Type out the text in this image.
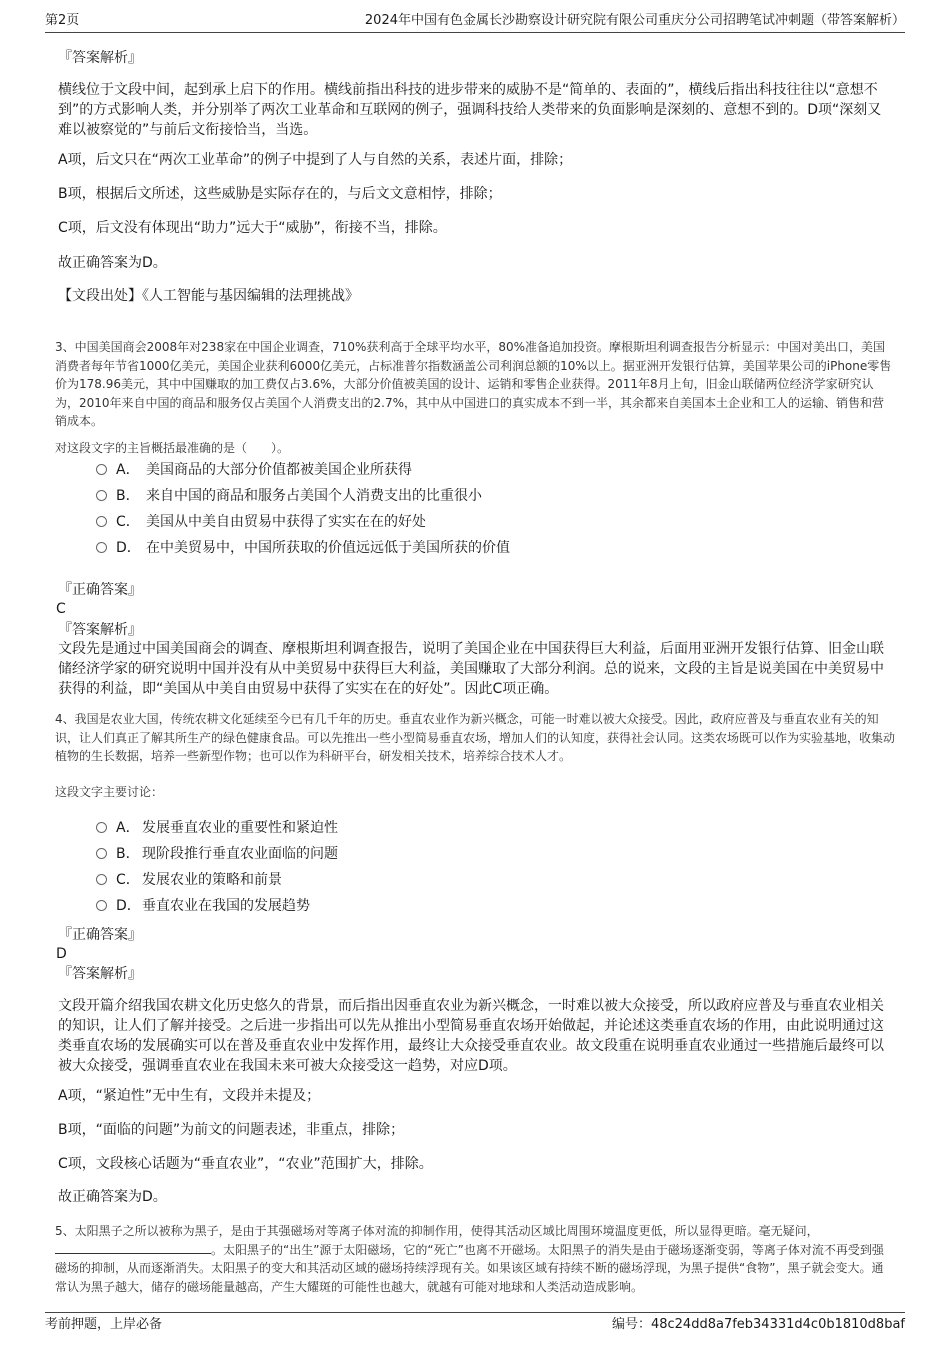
第2页	2024年中国有色金属长沙勘察设计研究院有限公司重庆分公司招聘笔试冲刺题（带答案解析）
『答案解析』
横线位于文段中间，起到承上启下的作用。横线前指出科技的进步带来的威胁不是“简单的、表面的”，横线后指出科技往往以“意想不到”的方式影响人类，并分别举了两次工业革命和互联网的例子，强调科技给人类带来的负面影响是深刻的、意想不到的。D项“深刻又难以被察觉的”与前后文衔接恰当，当选。
A项，后文只在“两次工业革命”的例子中提到了人与自然的关系，表述片面，排除；
B项，根据后文所述，这些威胁是实际存在的，与后文文意相悖，排除；
C项，后文没有体现出“助力”远大于“威胁”，衔接不当，排除。
故正确答案为D。
【文段出处】《人工智能与基因编辑的法理挑战》
3、中国美国商会2008年对238家在中国企业调查，710%获利高于全球平均水平，80%准备追加投资。摩根斯坦利调查报告分析显示：中国对美出口，美国消费者每年节省1000亿美元，美国企业获利6000亿美元，占标准普尔指数涵盖公司利润总额的10%以上。据亚洲开发银行估算，美国苹果公司的iPhone零售价为178.96美元，其中中国赚取的加工费仅占3.6%，大部分价值被美国的设计、运销和零售企业获得。2011年8月上旬，旧金山联储两位经济学家研究认为，2010年来自中国的商品和服务仅占美国个人消费支出的2.7%，其中从中国进口的真实成本不到一半，其余都来自美国本土企业和工人的运输、销售和营销成本。
对这段文字的主旨概括最准确的是（　　）。
A． 美国商品的大部分价值都被美国企业所获得
B． 来自中国的商品和服务占美国个人消费支出的比重很小
C． 美国从中美自由贸易中获得了实实在在的好处
D． 在中美贸易中，中国所获取的价值远远低于美国所获的价值
『正确答案』
C
『答案解析』
文段先是通过中国美国商会的调查、摩根斯坦利调查报告，说明了美国企业在中国获得巨大利益，后面用亚洲开发银行估算、旧金山联储经济学家的研究说明中国并没有从中美贸易中获得巨大利益，美国赚取了大部分利润。总的说来，文段的主旨是说美国在中美贸易中获得的利益，即“美国从中美自由贸易中获得了实实在在的好处”。因此C项正确。
4、我国是农业大国，传统农耕文化延续至今已有几千年的历史。垂直农业作为新兴概念，可能一时难以被大众接受。因此，政府应普及与垂直农业有关的知识，让人们真正了解其所生产的绿色健康食品。可以先推出一些小型简易垂直农场，增加人们的认知度，获得社会认同。这类农场既可以作为实验基地，收集动植物的生长数据，培养一些新型作物；也可以作为科研平台，研发相关技术，培养综合技术人才。
这段文字主要讨论：
A． 发展垂直农业的重要性和紧迫性
B． 现阶段推行垂直农业面临的问题
C． 发展农业的策略和前景
D．垂直农业在我国的发展趋势
『正确答案』
D
『答案解析』
文段开篇介绍我国农耕文化历史悠久的背景，而后指出因垂直农业为新兴概念，一时难以被大众接受，所以政府应普及与垂直农业相关的知识，让人们了解并接受。之后进一步指出可以先从推出小型简易垂直农场开始做起，并论述这类垂直农场的作用，由此说明通过这类垂直农场的发展确实可以在普及垂直农业中发挥作用，最终让大众接受垂直农业。故文段重在说明垂直农业通过一些措施后最终可以被大众接受，强调垂直农业在我国未来可被大众接受这一趋势，对应D项。
A项，“紧迫性”无中生有，文段并未提及；
B项，“面临的问题”为前文的问题表述，非重点，排除；
C项，文段核心话题为“垂直农业”，“农业”范围扩大，排除。
故正确答案为D。
5、太阳黑子之所以被称为黑子，是由于其强磁场对等离子体对流的抑制作用，使得其活动区域比周围环境温度更低，所以显得更暗。毫无疑问，。太阳黑子的“出生”源于太阳磁场，它的“死亡”也离不开磁场。太阳黑子的消失是由于磁场逐渐变弱，等离子体对流不再受到强磁场的抑制，从而逐渐消失。太阳黑子的变大和其活动区域的磁场持续浮现有关。如果该区域有持续不断的磁场浮现，为黑子提供“食物”，黑子就会变大。通常认为黑子越大，储存的磁场能量越高，产生大耀斑的可能性也越大，就越有可能对地球和人类活动造成影响。
考前押题，上岸必备	编号：48c24dd8a7feb34331d4c0b1810d8baf
